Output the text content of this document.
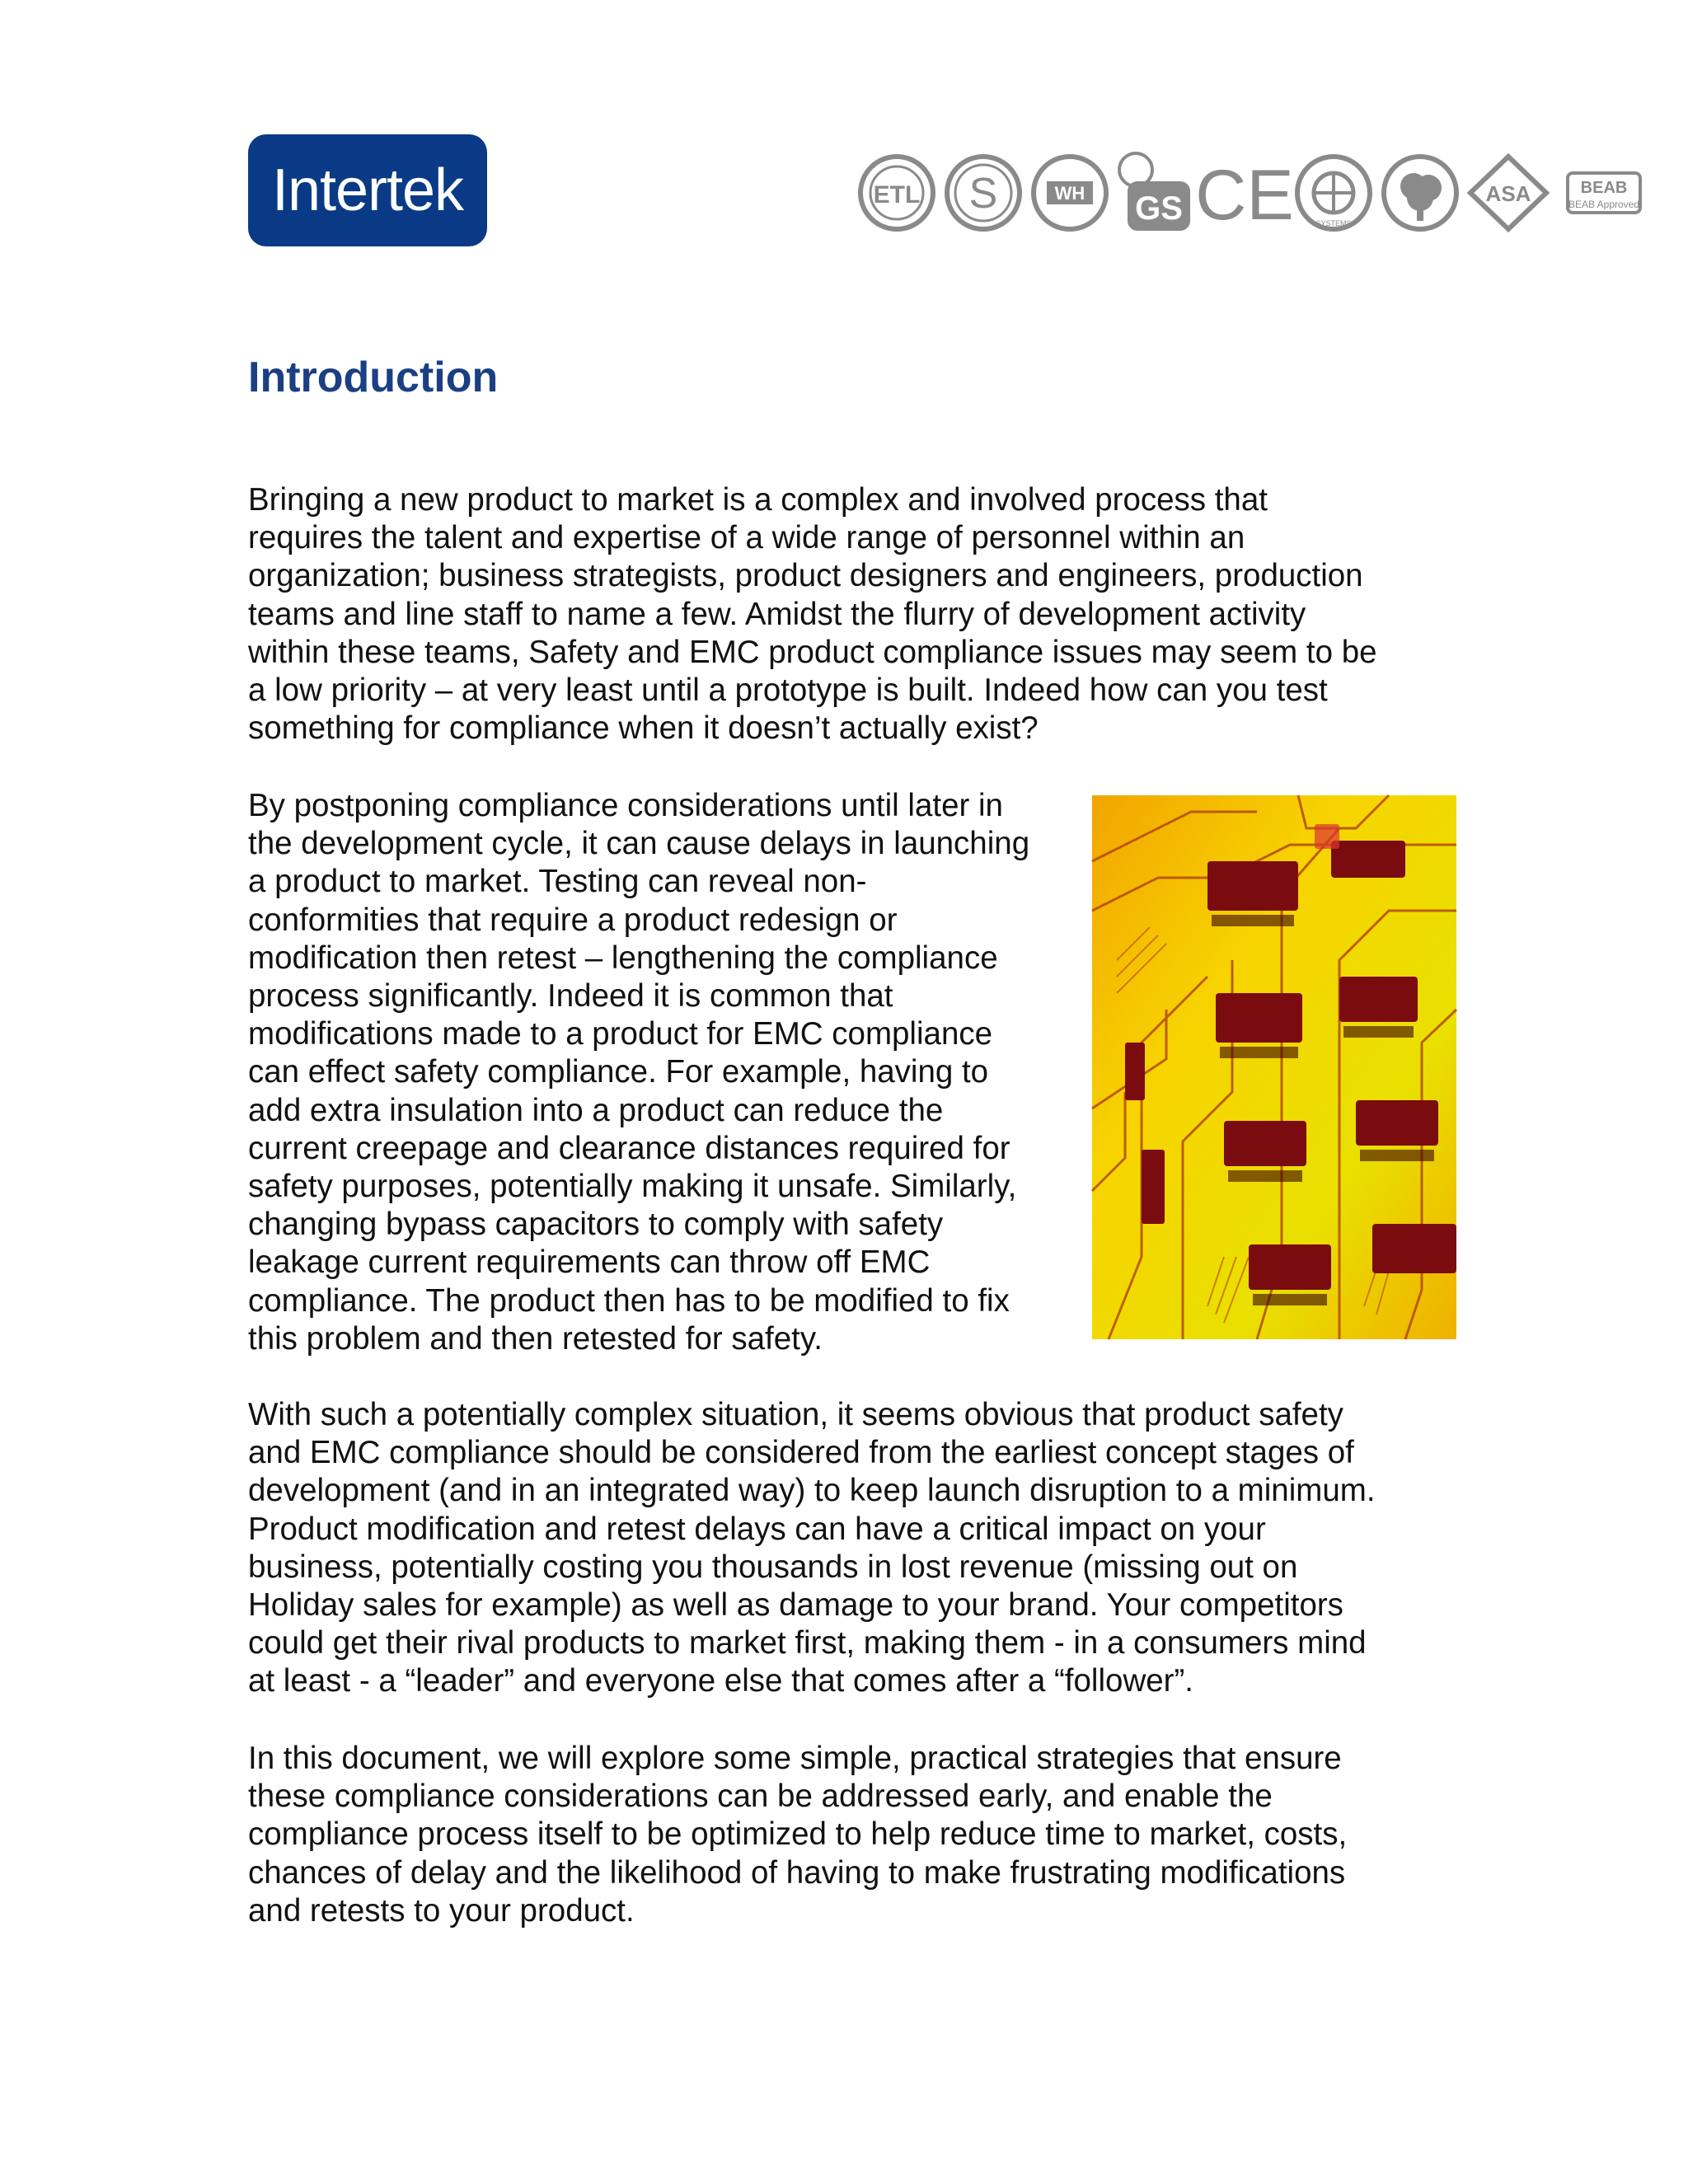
Intertek	ETL S	WH GS CE	SYSTEMS
ASA	BEAB Approved
BEAB
Introduction

Bringing a new product to market is a complex and involved process that
requires the talent and expertise of a wide range of personnel within an
organization; business strategists, product designers and engineers, production
teams and line staff to name a few. Amidst the flurry of development activity
within these teams, Safety and EMC product compliance issues may seem to be
a low priority – at very least until a prototype is built. Indeed how can you test
something for compliance when it doesn’t actually exist?

By postponing compliance considerations until later in
the development cycle, it can cause delays in launching
a product to market. Testing can reveal non-
conformities that require a product redesign or
modification then retest – lengthening the compliance
process significantly. Indeed it is common that
modifications made to a product for EMC compliance
can effect safety compliance. For example, having to
add extra insulation into a product can reduce the
current creepage and clearance distances required for
safety purposes, potentially making it unsafe. Similarly,
changing bypass capacitors to comply with safety
leakage current requirements can throw off EMC
compliance. The product then has to be modified to fix
this problem and then retested for safety.

With such a potentially complex situation, it seems obvious that product safety
and EMC compliance should be considered from the earliest concept stages of
development (and in an integrated way) to keep launch disruption to a minimum.
Product modification and retest delays can have a critical impact on your
business, potentially costing you thousands in lost revenue (missing out on
Holiday sales for example) as well as damage to your brand. Your competitors
could get their rival products to market first, making them - in a consumers mind
at least - a “leader” and everyone else that comes after a “follower”.

In this document, we will explore some simple, practical strategies that ensure
these compliance considerations can be addressed early, and enable the
compliance process itself to be optimized to help reduce time to market, costs,
chances of delay and the likelihood of having to make frustrating modifications
and retests to your product.
